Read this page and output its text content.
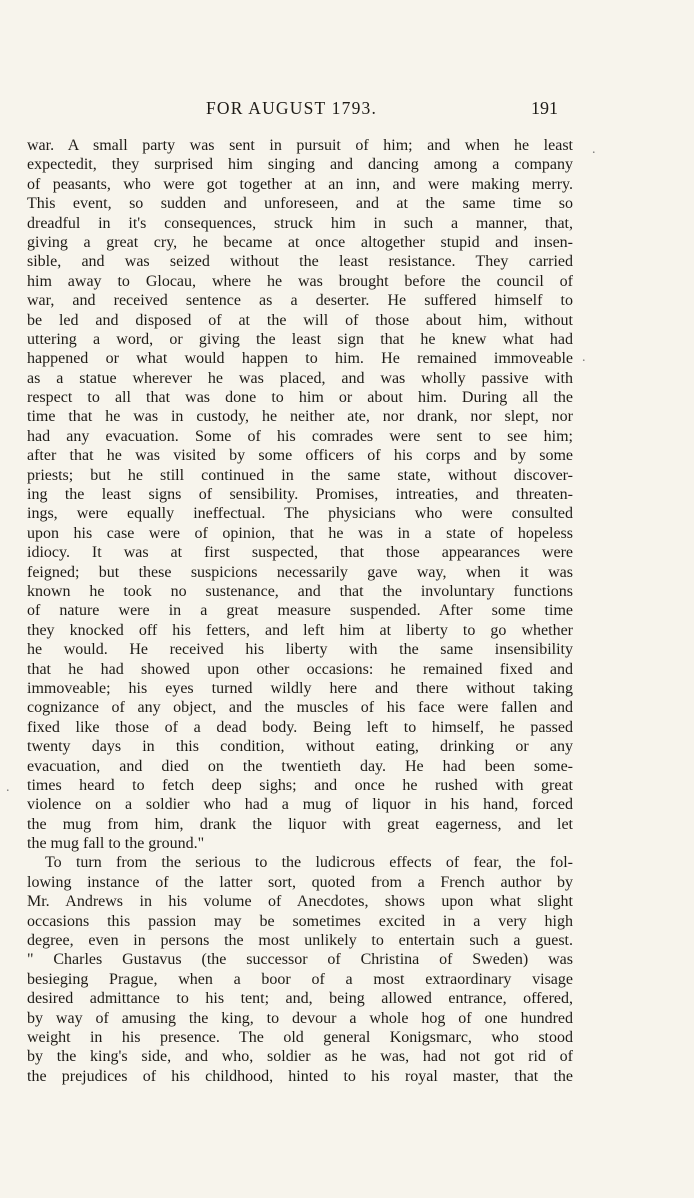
FOR AUGUST 1793.	191
war. A small party was sent in pursuit of him; and when he least
expectedit, they surprised him singing and dancing among a company
of peasants, who were got together at an inn, and were making merry.
This event, so sudden and unforeseen, and at the same time so
dreadful in it's consequences, struck him in such a manner, that,
giving a great cry, he became at once altogether stupid and insen-
sible, and was seized without the least resistance. They carried
him away to Glocau, where he was brought before the council of
war, and received sentence as a deserter. He suffered himself to
be led and disposed of at the will of those about him, without
uttering a word, or giving the least sign that he knew what had
happened or what would happen to him. He remained immoveable
as a statue wherever he was placed, and was wholly passive with
respect to all that was done to him or about him. During all the
time that he was in custody, he neither ate, nor drank, nor slept, nor
had any evacuation. Some of his comrades were sent to see him;
after that he was visited by some officers of his corps and by some
priests; but he still continued in the same state, without discover-
ing the least signs of sensibility. Promises, intreaties, and threaten-
ings, were equally ineffectual. The physicians who were consulted
upon his case were of opinion, that he was in a state of hopeless
idiocy. It was at first suspected, that those appearances were
feigned; but these suspicions necessarily gave way, when it was
known he took no sustenance, and that the involuntary functions
of nature were in a great measure suspended. After some time
they knocked off his fetters, and left him at liberty to go whether
he would. He received his liberty with the same insensibility
that he had showed upon other occasions: he remained fixed and
immoveable; his eyes turned wildly here and there without taking
cognizance of any object, and the muscles of his face were fallen and
fixed like those of a dead body. Being left to himself, he passed
twenty days in this condition, without eating, drinking or any
evacuation, and died on the twentieth day. He had been some-
times heard to fetch deep sighs; and once he rushed with great
violence on a soldier who had a mug of liquor in his hand, forced
the mug from him, drank the liquor with great eagerness, and let
the mug fall to the ground."
To turn from the serious to the ludicrous effects of fear, the fol-
lowing instance of the latter sort, quoted from a French author by
Mr. Andrews in his volume of Anecdotes, shows upon what slight
occasions this passion may be sometimes excited in a very high
degree, even in persons the most unlikely to entertain such a guest.
" Charles Gustavus (the successor of Christina of Sweden) was
besieging Prague, when a boor of a most extraordinary visage
desired admittance to his tent; and, being allowed entrance, offered,
by way of amusing the king, to devour a whole hog of one hundred
weight in his presence. The old general Konigsmarc, who stood
by the king's side, and who, soldier as he was, had not got rid of
the prejudices of his childhood, hinted to his royal master, that the
.
.
.
